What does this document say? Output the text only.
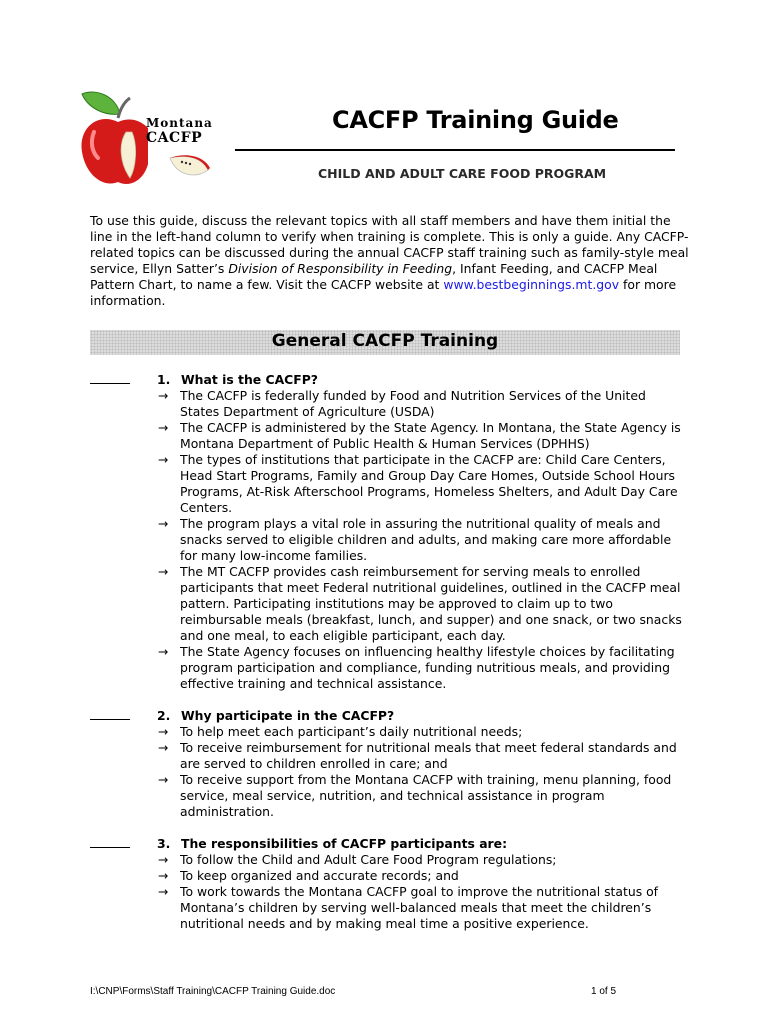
Montana
CACFP
CACFP Training Guide
CHILD AND ADULT CARE FOOD PROGRAM
To use this guide, discuss the relevant topics with all staff members and have them initial the line in the left-hand column to verify when training is complete. This is only a guide. Any CACFP-related topics can be discussed during the annual CACFP staff training such as family-style meal service, Ellyn Satter’s Division of Responsibility in Feeding, Infant Feeding, and CACFP Meal Pattern Chart, to name a few. Visit the CACFP website at www.bestbeginnings.mt.gov for more information.
General CACFP Training
1. What is the CACFP?
→ The CACFP is federally funded by Food and Nutrition Services of the United States Department of Agriculture (USDA)
→ The CACFP is administered by the State Agency. In Montana, the State Agency is Montana Department of Public Health & Human Services (DPHHS)
→ The types of institutions that participate in the CACFP are: Child Care Centers, Head Start Programs, Family and Group Day Care Homes, Outside School Hours Programs, At-Risk Afterschool Programs, Homeless Shelters, and Adult Day Care Centers.
→ The program plays a vital role in assuring the nutritional quality of meals and snacks served to eligible children and adults, and making care more affordable for many low-income families.
→ The MT CACFP provides cash reimbursement for serving meals to enrolled participants that meet Federal nutritional guidelines, outlined in the CACFP meal pattern. Participating institutions may be approved to claim up to two reimbursable meals (breakfast, lunch, and supper) and one snack, or two snacks and one meal, to each eligible participant, each day.
→ The State Agency focuses on influencing healthy lifestyle choices by facilitating program participation and compliance, funding nutritious meals, and providing effective training and technical assistance.
2. Why participate in the CACFP?
→ To help meet each participant’s daily nutritional needs;
→ To receive reimbursement for nutritional meals that meet federal standards and are served to children enrolled in care; and
→ To receive support from the Montana CACFP with training, menu planning, food service, meal service, nutrition, and technical assistance in program administration.
3. The responsibilities of CACFP participants are:
→ To follow the Child and Adult Care Food Program regulations;
→ To keep organized and accurate records; and
→ To work towards the Montana CACFP goal to improve the nutritional status of Montana’s children by serving well-balanced meals that meet the children’s nutritional needs and by making meal time a positive experience.
I:\CNP\Forms\Staff Training\CACFP Training Guide.doc	1 of 5
